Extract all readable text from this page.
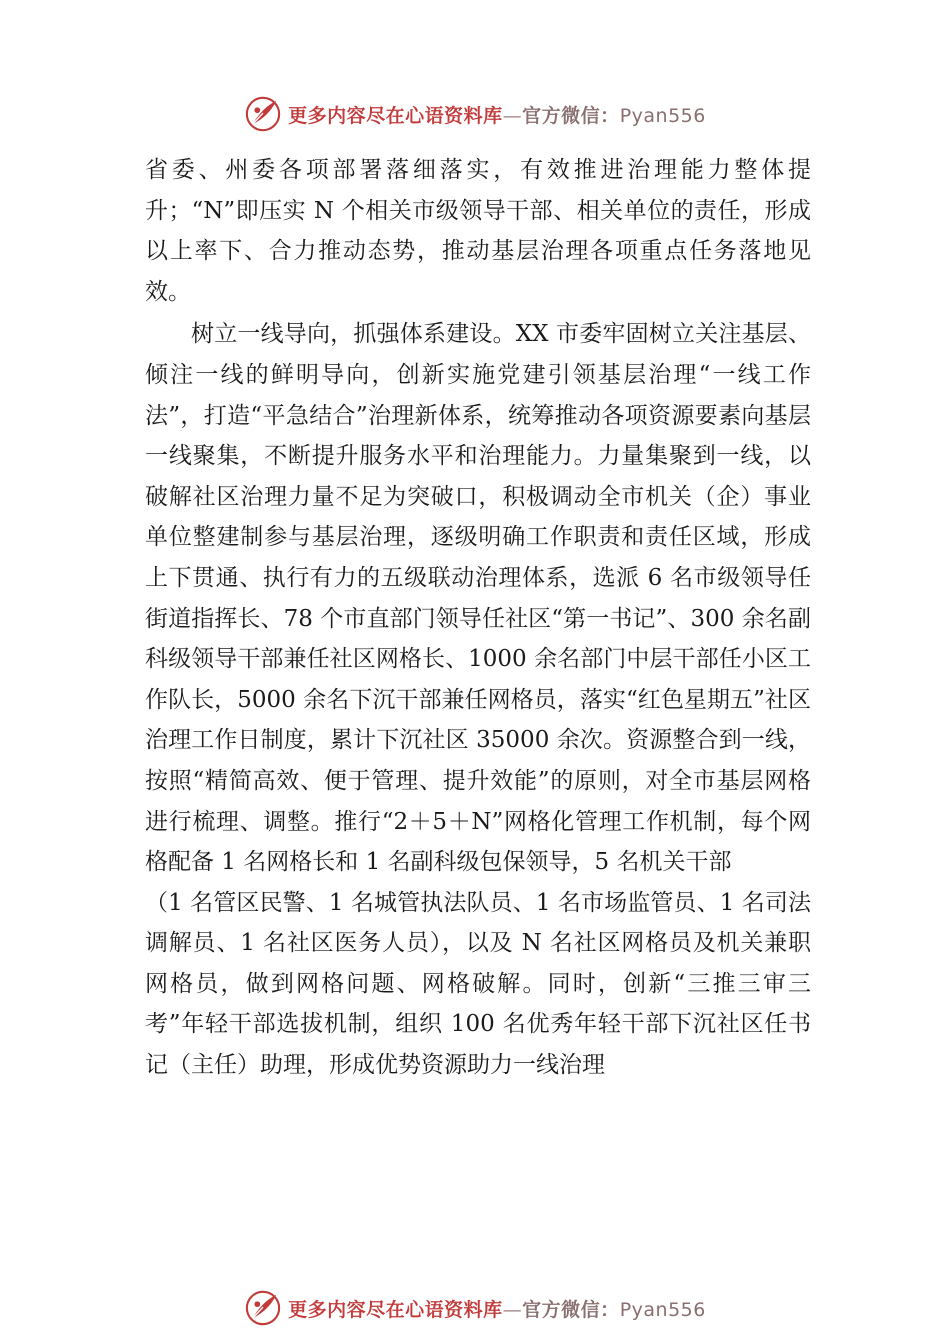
更多内容尽在心语资料库—官方微信：Pyan556

省委、州委各项部署落细落实，有效推进治理能力整体提升；“N”即压实 N 个相关市级领导干部、相关单位的责任，形成以上率下、合力推动态势，推动基层治理各项重点任务落地见效。

树立一线导向，抓强体系建设。XX 市委牢固树立关注基层、倾注一线的鲜明导向，创新实施党建引领基层治理“一线工作法”，打造“平急结合”治理新体系，统筹推动各项资源要素向基层一线聚集，不断提升服务水平和治理能力。力量集聚到一线，以破解社区治理力量不足为突破口，积极调动全市机关（企）事业单位整建制参与基层治理，逐级明确工作职责和责任区域，形成上下贯通、执行有力的五级联动治理体系，选派 6 名市级领导任街道指挥长、78 个市直部门领导任社区“第一书记”、300 余名副科级领导干部兼任社区网格长、1000 余名部门中层干部任小区工作队长，5000 余名下沉干部兼任网格员，落实“红色星期五”社区治理工作日制度，累计下沉社区 35000 余次。资源整合到一线，按照“精简高效、便于管理、提升效能”的原则，对全市基层网格进行梳理、调整。推行“2＋5＋N”网格化管理工作机制，每个网格配备 1 名网格长和 1 名副科级包保领导，5 名机关干部

（1 名管区民警、1 名城管执法队员、1 名市场监管员、1 名司法调解员、1 名社区医务人员），以及 N 名社区网格员及机关兼职网格员，做到网格问题、网格破解。同时，创新“三推三审三考”年轻干部选拔机制，组织 100 名优秀年轻干部下沉社区任书记（主任）助理，形成优势资源助力一线治理

更多内容尽在心语资料库—官方微信：Pyan556
